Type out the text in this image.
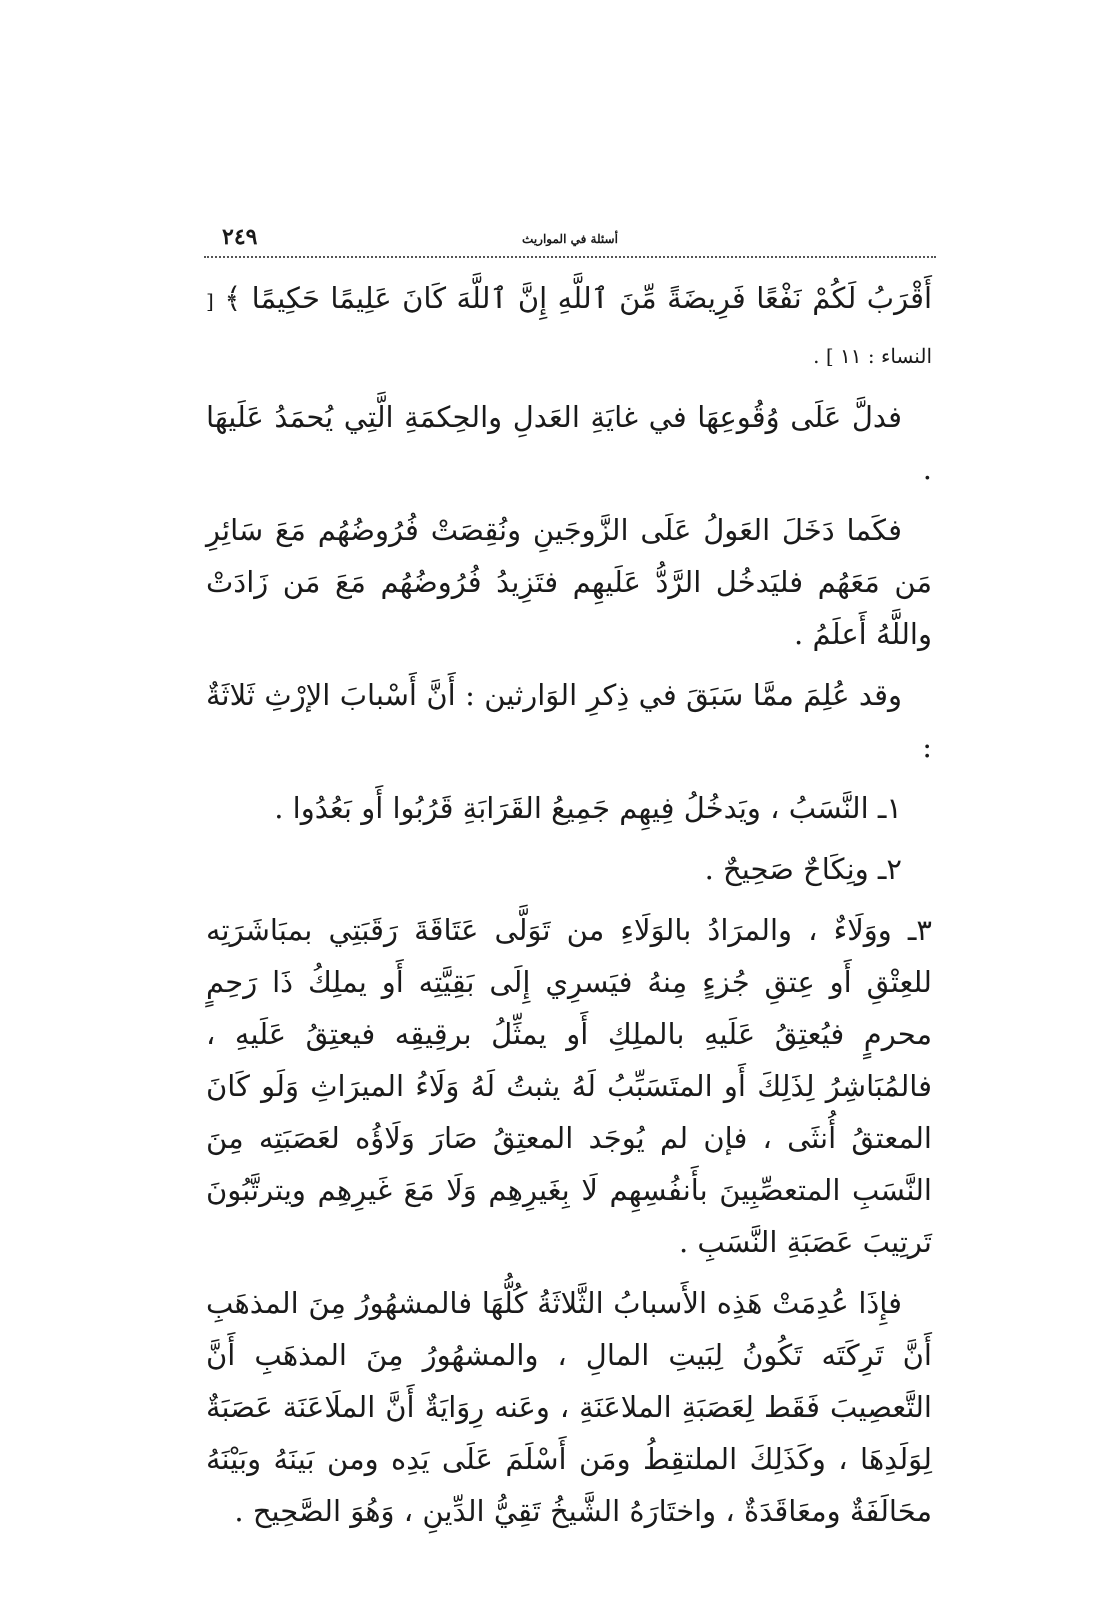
٢٤٩	أسئلة في المواريث

أَقْرَبُ لَكُمْ نَفْعًا فَرِيضَةً مِّنَ ٱللَّهِ إِنَّ ٱللَّهَ كَانَ عَلِيمًا حَكِيمًا ﴾ [ النساء : ١١ ] .

فدلَّ عَلَى وُقُوعِهَا في غايَةِ العَدلِ والحِكمَةِ الَّتِي يُحمَدُ عَلَيهَا .

فكَما دَخَلَ العَولُ عَلَى الزَّوجَينِ ونُقِصَتْ فُرُوضُهُم مَعَ سَائِرِ مَن مَعَهُم فليَدخُل الرَّدُّ عَلَيهِم فتَزِيدُ فُرُوضُهُم مَعَ مَن زَادَتْ واللَّهُ أَعلَمُ .

وقد عُلِمَ ممَّا سَبَقَ في ذِكرِ الوَارثين : أَنَّ أَسْبابَ الإرْثِ ثَلاثَةٌ :

١ـ النَّسَبُ ، ويَدخُلُ فِيهِم جَمِيعُ القَرَابَةِ قَرُبُوا أَو بَعُدُوا .

٢ـ ونِكَاحٌ صَحِيحٌ .

٣ـ ووَلَاءٌ ، والمرَادُ بالوَلَاءِ من تَوَلَّى عَتَاقَةَ رَقَبَتِي بمبَاشَرَتِه للعِتْقِ أَو عِتقِ جُزءٍ مِنهُ فيَسرِي إِلَى بَقِيَّتِه أَو يملِكُ ذَا رَحِمٍ محرمٍ فيُعتِقُ عَلَيهِ بالملِكِ أَو يمثِّلُ برقِيقِه فيعتِقُ عَلَيهِ ، فالمُبَاشِرُ لِذَلِكَ أَو المتَسَبِّبُ لَهُ يثبتُ لَهُ وَلَاءُ الميرَاثِ وَلَو كَانَ المعتقُ أُنثَى ، فإن لم يُوجَد المعتِقُ صَارَ وَلَاؤُه لعَصَبَتِه مِنَ النَّسَبِ المتعصِّبِينَ بأَنفُسِهِم لَا بِغَيرِهِم وَلَا مَعَ غَيرِهِم ويترتَّبُونَ تَرتِيبَ عَصَبَةِ النَّسَبِ .

فإِذَا عُدِمَتْ هَذِه الأَسبابُ الثَّلاثَةُ كُلُّهَا فالمشهُورُ مِنَ المذهَبِ أَنَّ تَرِكَتَه تَكُونُ لِبَيتِ المالِ ، والمشهُورُ مِنَ المذهَبِ أَنَّ التَّعصِيبَ فَقَط لِعَصَبَةِ الملاعَنَةِ ، وعَنه رِوَايَةٌ أَنَّ الملَاعَنَة عَصَبَةٌ لِوَلَدِهَا ، وكَذَلِكَ الملتقِطُ ومَن أَسْلَمَ عَلَى يَدِه ومن بَينَهُ وبَيْنَهُ محَالَفَةٌ ومعَاقَدَةٌ ، واختَارَهُ الشَّيخُ تَقِيُّ الدِّينِ ، وَهُوَ الصَّحِيح .
